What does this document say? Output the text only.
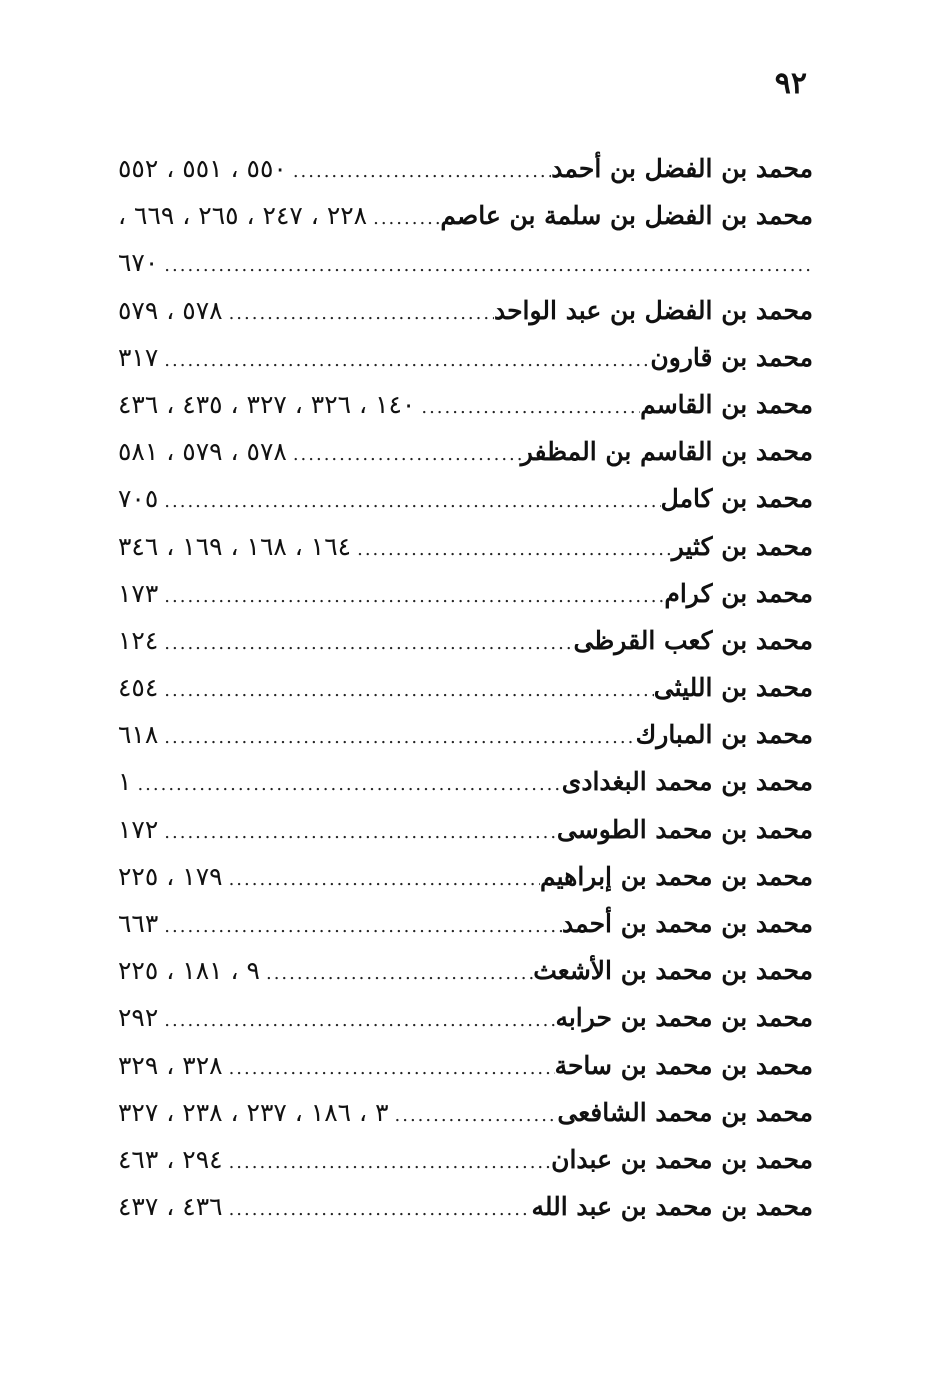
٩٢
محمد بن الفضل بن أحمد
.....
٥٥٠ ، ٥٥١ ، ٥٥٢
محمد بن الفضل بن سلمة بن عاصم
.....
٢٢٨ ، ٢٤٧ ، ٢٦٥ ، ٦٦٩ ،
.....
٦٧٠
محمد بن الفضل بن عبد الواحد
.....
٥٧٨ ، ٥٧٩
محمد بن قارون
.....
٣١٧
محمد بن القاسم
.....
١٤٠ ، ٣٢٦ ، ٣٢٧ ، ٤٣٥ ، ٤٣٦
محمد بن القاسم بن المظفر
.....
٥٧٨ ، ٥٧٩ ، ٥٨١
محمد بن كامل
.....
٧٠٥
محمد بن كثير
.....
١٦٤ ، ١٦٨ ، ١٦٩ ، ٣٤٦
محمد بن كرام
.....
١٧٣
محمد بن كعب القرظى
.....
١٢٤
محمد بن الليثى
.....
٤٥٤
محمد بن المبارك
.....
٦١٨
محمد بن محمد البغدادى
.....
١
محمد بن محمد الطوسى
.....
١٧٢
محمد بن محمد بن إبراهيم
.....
١٧٩ ، ٢٢٥
محمد بن محمد بن أحمد
.....
٦٦٣
محمد بن محمد بن الأشعث
.....
٩ ، ١٨١ ، ٢٢٥
محمد بن محمد بن حرابه
.....
٢٩٢
محمد بن محمد بن ساحة
.....
٣٢٨ ، ٣٢٩
محمد بن محمد الشافعى
.....
٣ ، ١٨٦ ، ٢٣٧ ، ٢٣٨ ، ٣٢٧
محمد بن محمد بن عبدان
.....
٢٩٤ ، ٤٦٣
محمد بن محمد بن عبد الله
.....
٤٣٦ ، ٤٣٧
